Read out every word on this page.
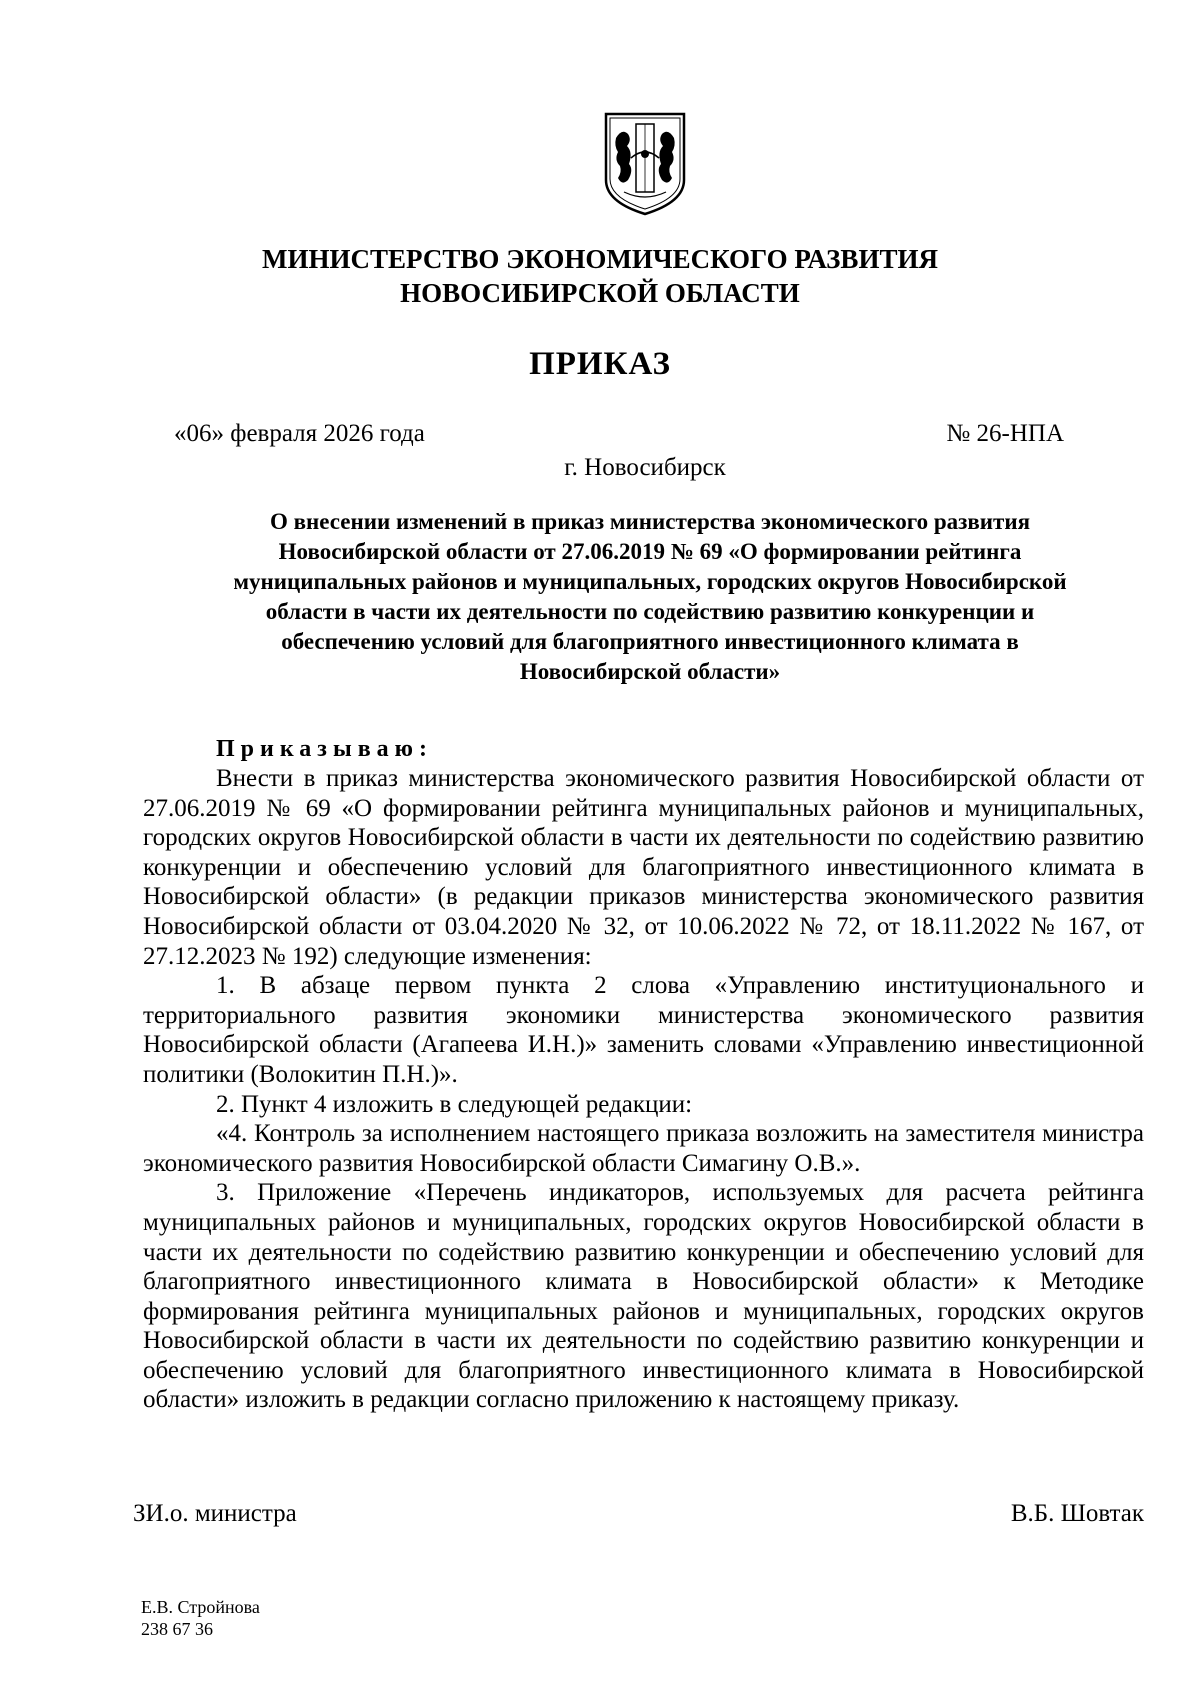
МИНИСТЕРСТВО ЭКОНОМИЧЕСКОГО РАЗВИТИЯ
НОВОСИБИРСКОЙ ОБЛАСТИ
ПРИКАЗ
«06» февраля 2026 года	№ 26-НПА
г. Новосибирск
О внесении изменений в приказ министерства экономического развития
Новосибирской области от 27.06.2019 № 69 «О формировании рейтинга
муниципальных районов и муниципальных, городских округов Новосибирской
области в части их деятельности по содействию развитию конкуренции и
обеспечению условий для благоприятного инвестиционного климата в
Новосибирской области»
Приказываю:

Внести в приказ министерства экономического развития Новосибирской области от 27.06.2019 № 69 «О формировании рейтинга муниципальных районов и муниципальных, городских округов Новосибирской области в части их деятельности по содействию развитию конкуренции и обеспечению условий для благоприятного инвестиционного климата в Новосибирской области» (в редакции приказов министерства экономического развития Новосибирской области от 03.04.2020 № 32, от 10.06.2022 № 72, от 18.11.2022 № 167, от 27.12.2023 № 192) следующие изменения:

1. В абзаце первом пункта 2 слова «Управлению институционального и территориального развития экономики министерства экономического развития Новосибирской области (Агапеева И.Н.)» заменить словами «Управлению инвестиционной политики (Волокитин П.Н.)».

2. Пункт 4 изложить в следующей редакции:

«4. Контроль за исполнением настоящего приказа возложить на заместителя министра экономического развития Новосибирской области Симагину О.В.».

3. Приложение «Перечень индикаторов, используемых для расчета рейтинга муниципальных районов и муниципальных, городских округов Новосибирской области в части их деятельности по содействию развитию конкуренции и обеспечению условий для благоприятного инвестиционного климата в Новосибирской области» к Методике формирования рейтинга муниципальных районов и муниципальных, городских округов Новосибирской области в части их деятельности по содействию развитию конкуренции и обеспечению условий для благоприятного инвестиционного климата в Новосибирской области» изложить в редакции согласно приложению к настоящему приказу.

ЗИ.о. министра	В.Б. Шовтак
Е.В. Стройнова
238 67 36
